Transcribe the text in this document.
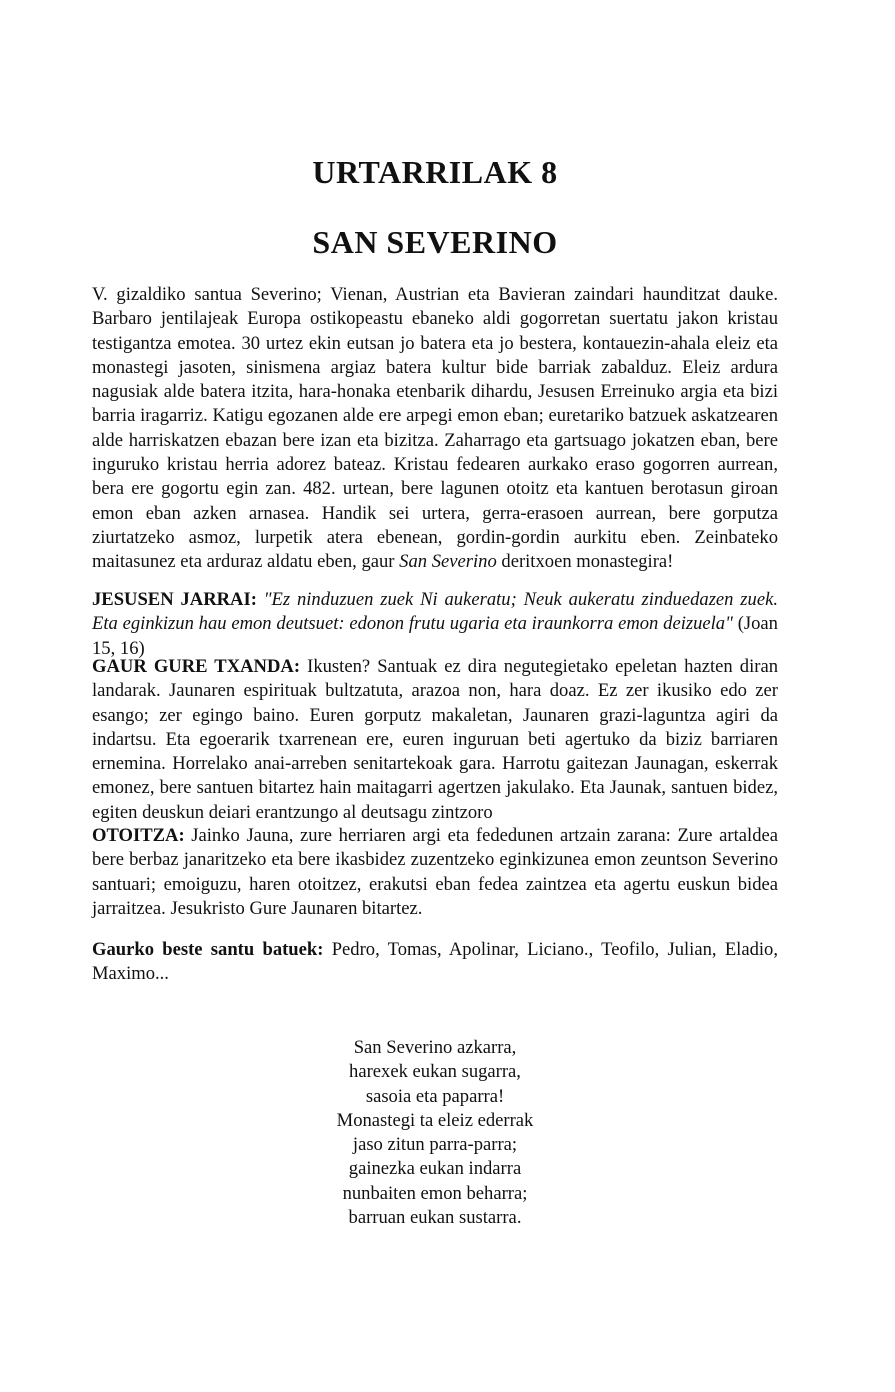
URTARRILAK 8
SAN SEVERINO

V. gizaldiko santua Severino; Vienan, Austrian eta Bavieran zaindari haunditzat dauke. Barbaro jentilajeak Europa ostikopeastu ebaneko aldi gogorretan suertatu jakon kristau testigantza emotea. 30 urtez ekin eutsan jo batera eta jo bestera, kontauezin-ahala eleiz eta monastegi jasoten, sinismena argiaz batera kultur bide barriak zabalduz. Eleiz ardura nagusiak alde batera itzita, hara-honaka etenbarik dihardu, Jesusen Erreinuko argia eta bizi barria iragarriz. Katigu egozanen alde ere arpegi emon eban; euretariko batzuek askatzearen alde harriskatzen ebazan bere izan eta bizitza. Zaharrago eta gartsuago jokatzen eban, bere inguruko kristau herria adorez bateaz. Kristau fedearen aurkako eraso gogorren aurrean, bera ere gogortu egin zan. 482. urtean, bere lagunen otoitz eta kantuen berotasun giroan emon eban azken arnasea. Handik sei urtera, gerra-erasoen aurrean, bere gorputza ziurtatzeko asmoz, lurpetik atera ebenean, gordin-gordin aurkitu eben. Zeinbateko maitasunez eta arduraz aldatu eben, gaur San Severino deritxoen monastegira!

JESUSEN JARRAI: "Ez ninduzuen zuek Ni aukeratu; Neuk aukeratu zinduedazen zuek. Eta eginkizun hau emon deutsuet: edonon frutu ugaria eta iraunkorra emon deizuela" (Joan 15, 16)

GAUR GURE TXANDA: Ikusten? Santuak ez dira negutegietako epeletan hazten diran landarak. Jaunaren espirituak bultzatuta, arazoa non, hara doaz. Ez zer ikusiko edo zer esango; zer egingo baino. Euren gorputz makaletan, Jaunaren grazi-laguntza agiri da indartsu. Eta egoerarik txarrenean ere, euren inguruan beti agertuko da biziz barriaren ernemina. Horrelako anai-arreben senitartekoak gara. Harrotu gaitezan Jaunagan, eskerrak emonez, bere santuen bitartez hain maitagarri agertzen jakulako. Eta Jaunak, santuen bidez, egiten deuskun deiari erantzungo al deutsagu zintzoro

OTOITZA: Jainko Jauna, zure herriaren argi eta fededunen artzain zarana: Zure artaldea bere berbaz janaritzeko eta bere ikasbidez zuzentzeko eginkizunea emon zeuntson Severino santuari; emoiguzu, haren otoitzez, erakutsi eban fedea zaintzea eta agertu euskun bidea jarraitzea. Jesukristo Gure Jaunaren bitartez.

Gaurko beste santu batuek: Pedro, Tomas, Apolinar, Liciano., Teofilo, Julian, Eladio, Maximo...

San Severino azkarra,
harexek eukan sugarra,
sasoia eta paparra!
Monastegi ta eleiz ederrak
jaso zitun parra-parra;
gainezka eukan indarra
nunbaiten emon beharra;
barruan eukan sustarra.
